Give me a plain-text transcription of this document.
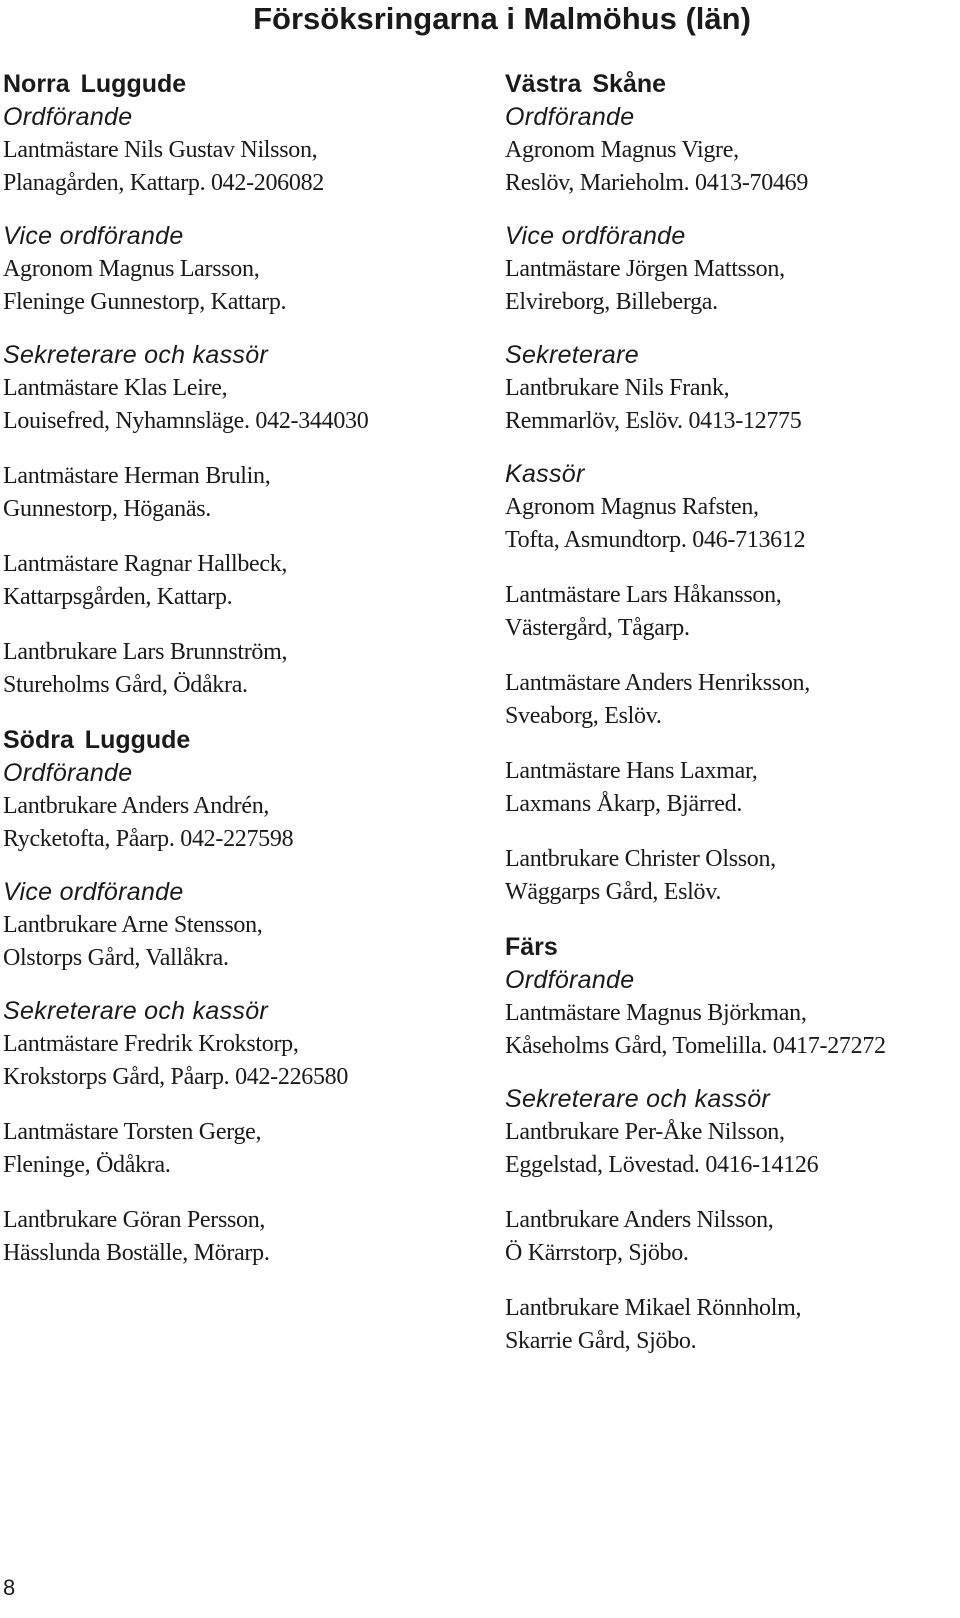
Försöksringarna i Malmöhus (län)
Norra Luggude
Ordförande
Lantmästare Nils Gustav Nilsson,
Planagården, Kattarp. 042-206082
Vice ordförande
Agronom Magnus Larsson,
Fleninge Gunnestorp, Kattarp.
Sekreterare och kassör
Lantmästare Klas Leire,
Louisefred, Nyhamnsläge. 042-344030
Lantmästare Herman Brulin,
Gunnestorp, Höganäs.
Lantmästare Ragnar Hallbeck,
Kattarpsgården, Kattarp.
Lantbrukare Lars Brunnström,
Stureholms Gård, Ödåkra.
Södra Luggude
Ordförande
Lantbrukare Anders Andrén,
Rycketofta, Påarp. 042-227598
Vice ordförande
Lantbrukare Arne Stensson,
Olstorps Gård, Vallåkra.
Sekreterare och kassör
Lantmästare Fredrik Krokstorp,
Krokstorps Gård, Påarp. 042-226580
Lantmästare Torsten Gerge,
Fleninge, Ödåkra.
Lantbrukare Göran Persson,
Hässlunda Boställe, Mörarp.
Västra Skåne
Ordförande
Agronom Magnus Vigre,
Reslöv, Marieholm. 0413-70469
Vice ordförande
Lantmästare Jörgen Mattsson,
Elvireborg, Billeberga.
Sekreterare
Lantbrukare Nils Frank,
Remmarlöv, Eslöv. 0413-12775
Kassör
Agronom Magnus Rafsten,
Tofta, Asmundtorp. 046-713612
Lantmästare Lars Håkansson,
Västergård, Tågarp.
Lantmästare Anders Henriksson,
Sveaborg, Eslöv.
Lantmästare Hans Laxmar,
Laxmans Åkarp, Bjärred.
Lantbrukare Christer Olsson,
Wäggarps Gård, Eslöv.
Färs
Ordförande
Lantmästare Magnus Björkman,
Kåseholms Gård, Tomelilla. 0417-27272
Sekreterare och kassör
Lantbrukare Per-Åke Nilsson,
Eggelstad, Lövestad. 0416-14126
Lantbrukare Anders Nilsson,
Ö Kärrstorp, Sjöbo.
Lantbrukare Mikael Rönnholm,
Skarrie Gård, Sjöbo.
8
